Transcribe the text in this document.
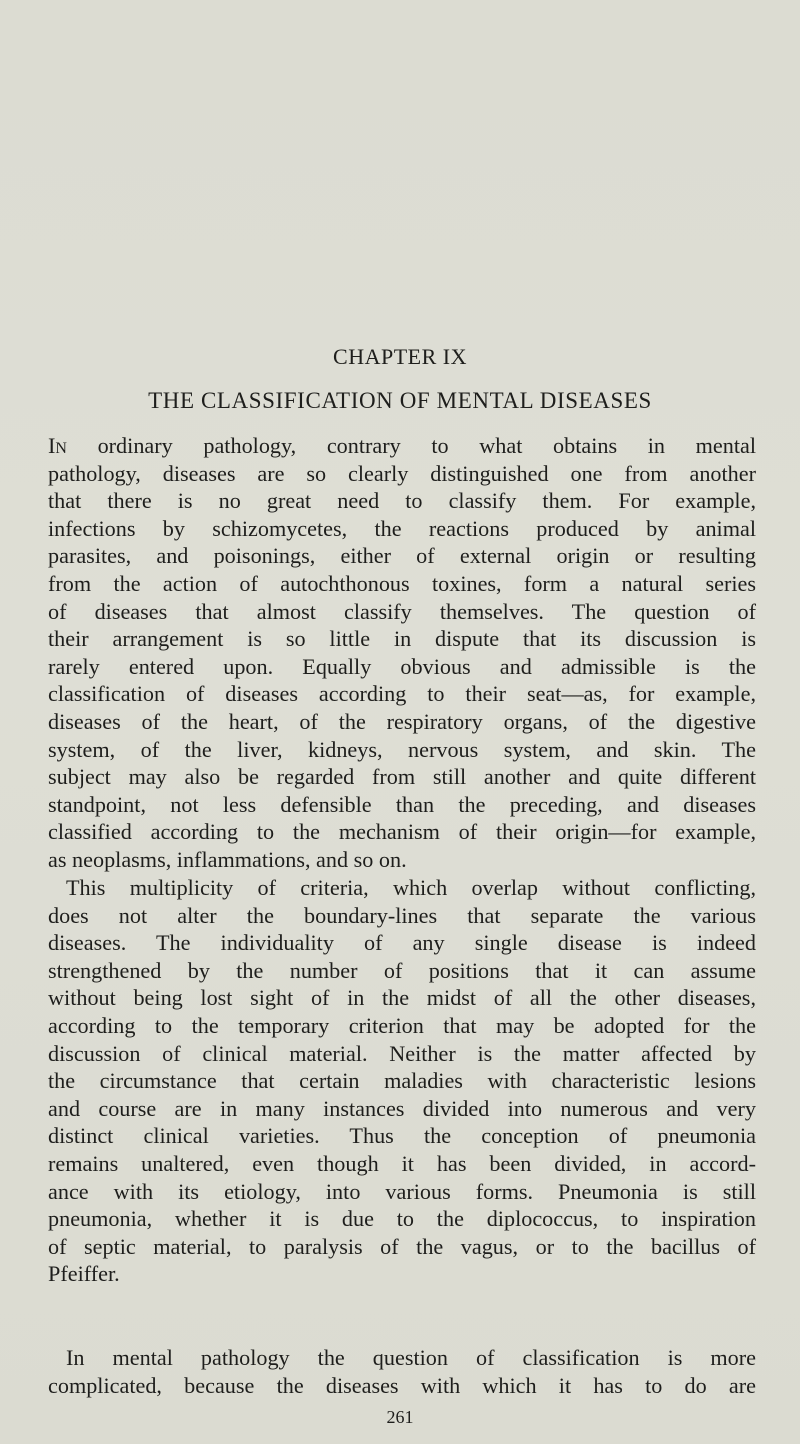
CHAPTER IX
THE CLASSIFICATION OF MENTAL DISEASES
In ordinary pathology, contrary to what obtains in mental
pathology, diseases are so clearly distinguished one from another
that there is no great need to classify them. For example,
infections by schizomycetes, the reactions produced by animal
parasites, and poisonings, either of external origin or resulting
from the action of autochthonous toxines, form a natural series
of diseases that almost classify themselves. The question of
their arrangement is so little in dispute that its discussion is
rarely entered upon. Equally obvious and admissible is the
classification of diseases according to their seat—as, for example,
diseases of the heart, of the respiratory organs, of the digestive
system, of the liver, kidneys, nervous system, and skin. The
subject may also be regarded from still another and quite different
standpoint, not less defensible than the preceding, and diseases
classified according to the mechanism of their origin—for example,
as neoplasms, inflammations, and so on.
This multiplicity of criteria, which overlap without conflicting,
does not alter the boundary-lines that separate the various
diseases. The individuality of any single disease is indeed
strengthened by the number of positions that it can assume
without being lost sight of in the midst of all the other diseases,
according to the temporary criterion that may be adopted for the
discussion of clinical material. Neither is the matter affected by
the circumstance that certain maladies with characteristic lesions
and course are in many instances divided into numerous and very
distinct clinical varieties. Thus the conception of pneumonia
remains unaltered, even though it has been divided, in accord-
ance with its etiology, into various forms. Pneumonia is still
pneumonia, whether it is due to the diplococcus, to inspiration
of septic material, to paralysis of the vagus, or to the bacillus of
Pfeiffer.
In mental pathology the question of classification is more
complicated, because the diseases with which it has to do are
261
